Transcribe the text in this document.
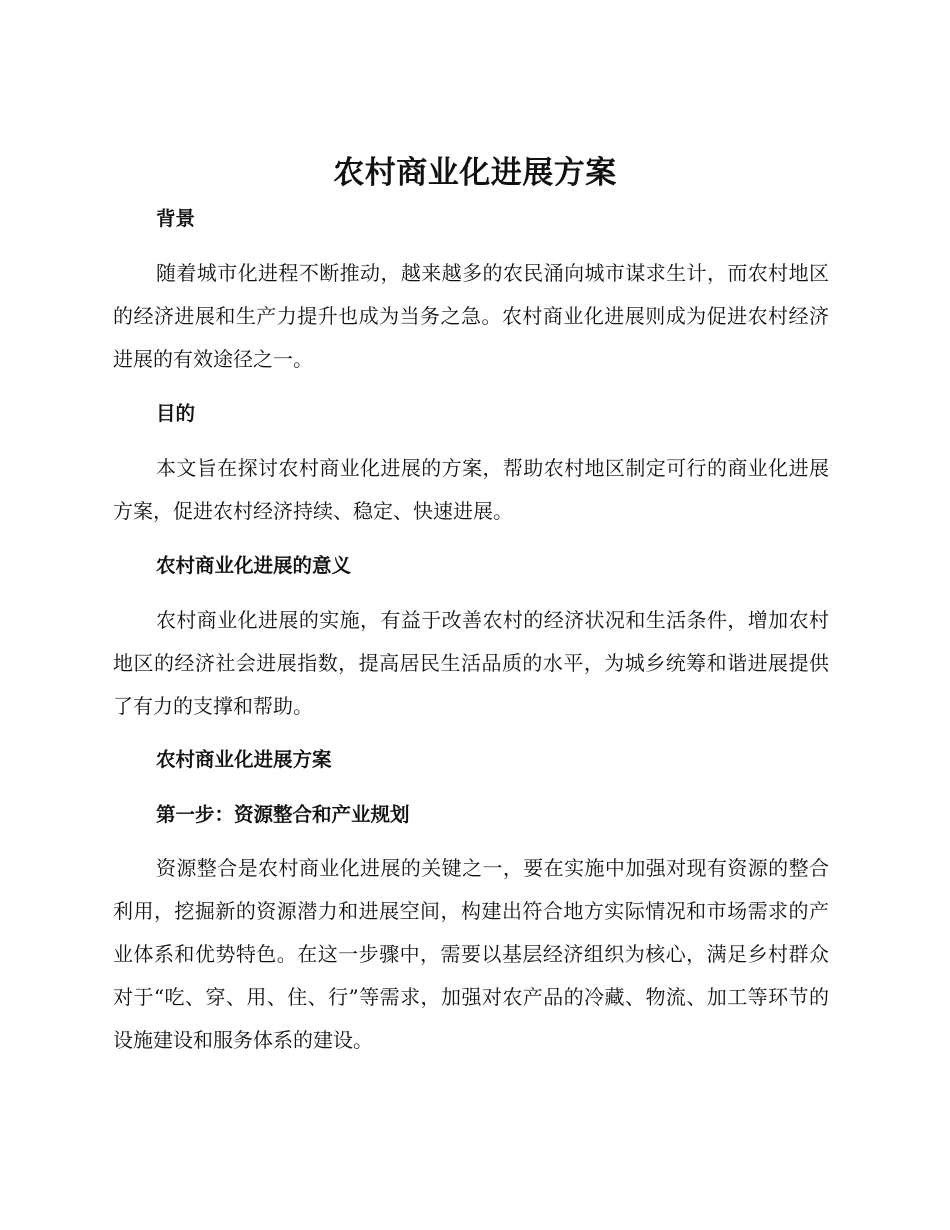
农村商业化进展方案
背景

随着城市化进程不断推动，越来越多的农民涌向城市谋求生计，而农村地区的经济进展和生产力提升也成为当务之急。农村商业化进展则成为促进农村经济进展的有效途径之一。

目的

本文旨在探讨农村商业化进展的方案，帮助农村地区制定可行的商业化进展方案，促进农村经济持续、稳定、快速进展。

农村商业化进展的意义

农村商业化进展的实施，有益于改善农村的经济状况和生活条件，增加农村地区的经济社会进展指数，提高居民生活品质的水平，为城乡统筹和谐进展提供了有力的支撑和帮助。

农村商业化进展方案
第一步：资源整合和产业规划

资源整合是农村商业化进展的关键之一，要在实施中加强对现有资源的整合利用，挖掘新的资源潜力和进展空间，构建出符合地方实际情况和市场需求的产业体系和优势特色。在这一步骤中，需要以基层经济组织为核心，满足乡村群众对于“吃、穿、用、住、行”等需求，加强对农产品的冷藏、物流、加工等环节的设施建设和服务体系的建设。
